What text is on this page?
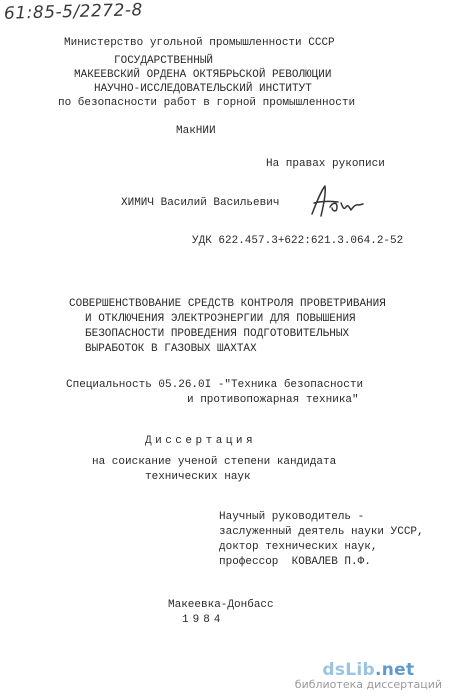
61:85-5/2272-8
Министерство угольной промышленности СССР
ГОСУДАРСТВЕННЫЙ
МАКЕЕВСКИЙ ОРДЕНА ОКТЯБРЬСКОЙ РЕВОЛЮЦИИ
НАУЧНО-ИССЛЕДОВАТЕЛЬСКИЙ ИНСТИТУТ
по безопасности работ в горной промышленности
МакНИИ
На правах рукописи
ХИМИЧ Василий Васильевич
УДК 622.457.3+622:621.3.064.2-52
СОВЕРШЕНСТВОВАНИЕ СРЕДСТВ КОНТРОЛЯ ПРОВЕТРИВАНИЯ
И ОТКЛЮЧЕНИЯ ЭЛЕКТРОЭНЕРГИИ ДЛЯ ПОВЫШЕНИЯ
БЕЗОПАСНОСТИ ПРОВЕДЕНИЯ ПОДГОТОВИТЕЛЬНЫХ
ВЫРАБОТОК В ГАЗОВЫХ ШАХТАХ
Специальность 05.26.0I -"Техника безопасности
и противопожарная техника"
Диссертация
на соискание ученой степени кандидата
технических наук
Научный руководитель -
заслуженный деятель науки УССР,
доктор технических наук,
профессор  КОВАЛЕВ П.Ф.
Макеевка-Донбасс
1984
dsLib.net
библиотека диссертаций
